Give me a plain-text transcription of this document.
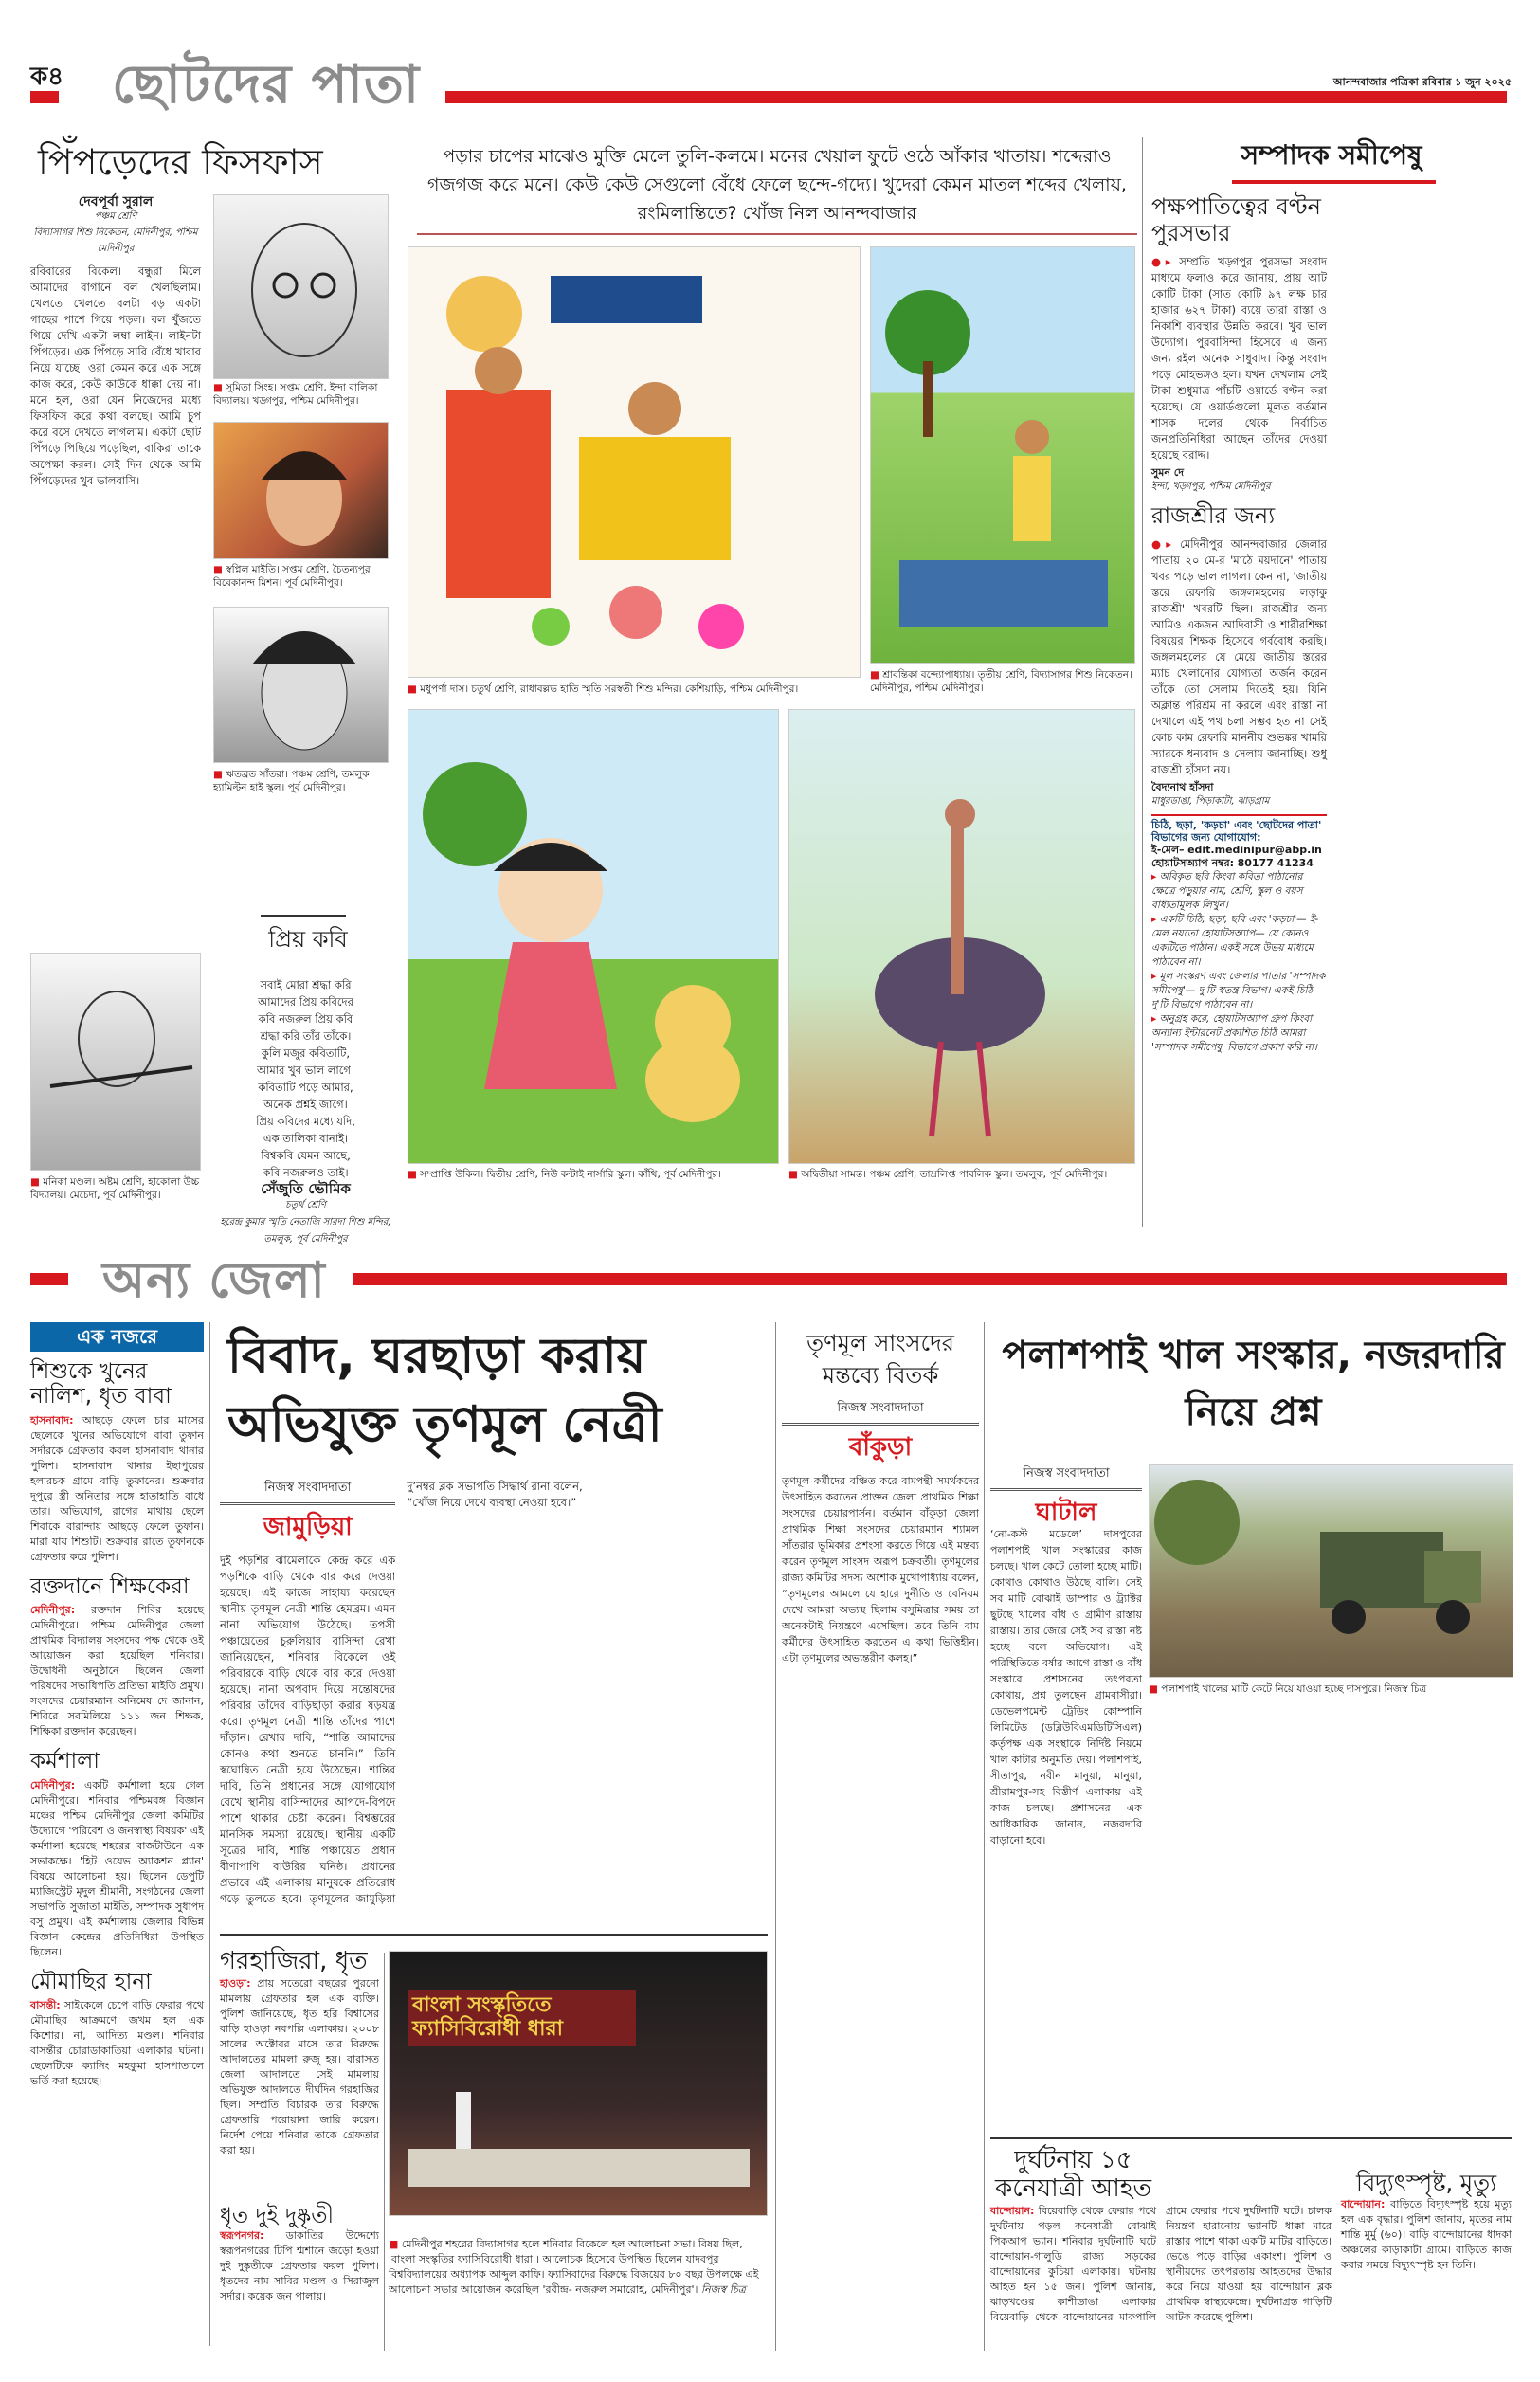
ক৪ ছোটদের পাতা	আনন্দবাজার পত্রিকা রবিবার ১ জুন ২০২৫
পিঁপড়েদের ফিসফাস
দেবপূর্বা সুরাল
পঞ্চম শ্রেণি
বিদ্যাসাগর শিশু নিকেতন, মেদিনীপুর, পশ্চিম মেদিনীপুর
রবিবারের বিকেল। বন্ধুরা মিলে আমাদের বাগানে বল খেলছিলাম। খেলতে খেলতে বলটা বড় একটা গাছের পাশে গিয়ে পড়ল। বল খুঁজতে গিয়ে দেখি একটা লম্বা লাইন। লাইনটা পিঁপড়ের। এক পিঁপড়ে সারি বেঁধে খাবার নিয়ে যাচ্ছে। ওরা কেমন করে এক সঙ্গে কাজ করে, কেউ কাউকে ধাক্কা দেয় না। মনে হল, ওরা যেন নিজেদের মধ্যে ফিসফিস করে কথা বলছে। আমি চুপ করে বসে দেখতে লাগলাম। একটা ছোট পিঁপড়ে পিছিয়ে পড়েছিল, বাকিরা তাকে অপেক্ষা করল। সেই দিন থেকে আমি পিঁপড়েদের খুব ভালবাসি।
■ সুমিতা সিংহ। সপ্তম শ্রেণি, ইন্দা বালিকা বিদ্যালয়। খড়্গপুর, পশ্চিম মেদিনীপুর।
■ স্বপ্নিল মাইতি। সপ্তম শ্রেণি, চৈতন্যপুর বিবেকানন্দ মিশন। পূর্ব মেদিনীপুর।
■ ঋতব্রত সাঁতরা। পঞ্চম শ্রেণি, তমলুক হ্যামিল্টন হাই স্কুল। পূর্ব মেদিনীপুর।
প্রিয় কবি
সবাই মোরা শ্রদ্ধা করি
আমাদের প্রিয় কবিদের
কবি নজরুল প্রিয় কবি
শ্রদ্ধা করি তাঁর তাঁকে।
কুলি মজুর কবিতাটি,
আমার খুব ভাল লাগে।
কবিতাটি পড়ে আমার,
অনেক প্রশ্নই জাগে।
প্রিয় কবিদের মধ্যে যদি,
এক তালিকা বানাই।
বিশ্বকবি যেমন আছে,
কবি নজরুলও তাই।
সেঁজুতি ভৌমিক
চতুর্থ শ্রেণি
হরেন্দ্র কুমার স্মৃতি নেতাজি সারদা শিশু মন্দির, তমলুক, পূর্ব মেদিনীপুর
■ মনিকা মণ্ডল। অষ্টম শ্রেণি, হাকোলা উচ্চ বিদ্যালয়। মেচেদা, পূর্ব মেদিনীপুর।
পড়ার চাপের মাঝেও মুক্তি মেলে তুলি-কলমে। মনের খেয়াল ফুটে ওঠে আঁকার খাতায়। শব্দেরাও গজগজ করে মনে। কেউ কেউ সেগুলো বেঁধে ফেলে ছন্দে-গদ্যে। খুদেরা কেমন মাতল শব্দের খেলায়, রংমিলান্তিতে? খোঁজ নিল আনন্দবাজার
■ মধুপর্ণা দাস। চতুর্থ শ্রেণি, রাধাবল্লভ হাতি স্মৃতি সরস্বতী শিশু মন্দির। কেশিয়াড়ি, পশ্চিম মেদিনীপুর।
■ শ্রাবন্তিকা বন্দ্যোপাধ্যায়। তৃতীয় শ্রেণি, বিদ্যাসাগর শিশু নিকেতন। মেদিনীপুর, পশ্চিম মেদিনীপুর।
■ সম্প্রাপ্তি উকিল। দ্বিতীয় শ্রেণি, নিউ কন্টাই নার্সারি স্কুল। কাঁথি, পূর্ব মেদিনীপুর।	■ অদ্বিতীয়া সামন্ত। পঞ্চম শ্রেণি, তাম্রলিপ্ত পাবলিক স্কুল। তমলুক, পূর্ব মেদিনীপুর।
সম্পাদক সমীপেষু
পক্ষপাতিত্বের বণ্টন পুরসভার
●▸ সম্প্রতি খড়্গপুর পুরসভা সংবাদ মাধ্যমে ফলাও করে জানায়, প্রায় আট কোটি টাকা (সাত কোটি ৯৭ লক্ষ চার হাজার ৬২৭ টাকা) ব্যয়ে তারা রাস্তা ও নিকাশি ব্যবস্থার উন্নতি করবে। খুব ভাল উদ্যোগ। পুরবাসিন্দা হিসেবে এ জন্য জন্য রইল অনেক সাধুবাদ। কিন্তু সংবাদ পড়ে মোহভঙ্গও হল। যখন দেখলাম সেই টাকা শুধুমাত্র পাঁচটি ওয়ার্ডে বণ্টন করা হয়েছে। যে ওয়ার্ডগুলো মূলত বর্তমান শাসক দলের থেকে নির্বাচিত জনপ্রতিনিধিরা আছেন তাঁদের দেওয়া হয়েছে বরাদ্দ।
সুমন দে
ইন্দা, খড়্গপুর, পশ্চিম মেদিনীপুর
রাজশ্রীর জন্য
●▸ মেদিনীপুর আনন্দবাজার জেলার পাতায় ২০ মে-র 'মাঠে ময়দানে' পাতায় খবর পড়ে ভাল লাগল। কেন না, 'জাতীয় স্তরে রেফারি জঙ্গলমহলের লড়াকু রাজশ্রী' খবরটি ছিল। রাজশ্রীর জন্য আমিও একজন আদিবাসী ও শারীরশিক্ষা বিষয়ের শিক্ষক হিসেবে গর্ববোধ করছি। জঙ্গলমহলের যে মেয়ে জাতীয় স্তরের ম্যাচ খেলানোর যোগ্যতা অর্জন করেন তাঁকে তো সেলাম দিতেই হয়। যিনি অক্লান্ত পরিশ্রম না করলে এবং রাস্তা না দেখালে এই পথ চলা সম্ভব হত না সেই কোচ কাম রেফারি মাননীয় শুভঙ্কর খামরি স্যারকে ধন্যবাদ ও সেলাম জানাচ্ছি। শুধু রাজশ্রী হাঁসদা নয়।
বৈদ্যনাথ হাঁসদা
মাধুরডাঙা, পিড়াকাটা, ঝাড়গ্রাম
চিঠি, ছড়া, 'কড়চা' এবং 'ছোটদের পাতা' বিভাগের জন্য যোগাযোগ:
ই-মেল– edit.medinipur@abp.in
হোয়াটসঅ্যাপ নম্বর: 80177 41234
▸ অবিকৃত ছবি কিংবা কবিতা পাঠানোর ক্ষেত্রে পড়ুয়ার নাম, শ্রেণি, স্কুল ও বয়স বাধ্যতামূলক লিখুন।
▸ একটি চিঠি, ছড়া, ছবি এবং 'কড়চা'— ই-মেল নয়তো হোয়াটসঅ্যাপ— যে কোনও একটিতে পাঠান। একই সঙ্গে উভয় মাধ্যমে পাঠাবেন না।
▸ মূল সংস্করণ এবং জেলার পাতার 'সম্পাদক সমীপেষু'— দু'টি স্বতন্ত্র বিভাগ। একই চিঠি দু'টি বিভাগে পাঠাবেন না।
▸ অনুগ্রহ করে, হোয়াটসঅ্যাপ গ্রুপ কিংবা অন্যান্য ইন্টারনেট প্রকাশিত চিঠি আমরা 'সম্পাদক সমীপেষু' বিভাগে প্রকাশ করি না।
অন্য জেলা
এক নজরে
শিশুকে খুনের নালিশ, ধৃত বাবা
হাসনাবাদ: আছড়ে ফেলে চার মাসের ছেলেকে খুনের অভিযোগে বাবা তুফান সর্দারকে গ্রেফতার করল হাসনাবাদ থানার পুলিশ। হাসনাবাদ থানার ইছাপুরের হলারচক গ্রামে বাড়ি তুফানের। শুক্রবার দুপুরে স্ত্রী অনিতার সঙ্গে হাতাহাতি বাধে তার। অভিযোগ, রাগের মাথায় ছেলে শিবাকে বারান্দায় আছড়ে ফেলে তুফান। মারা যায় শিশুটি। শুক্রবার রাতে তুফানকে গ্রেফতার করে পুলিশ।
রক্তদানে শিক্ষকেরা
মেদিনীপুর: রক্তদান শিবির হয়েছে মেদিনীপুরে। পশ্চিম মেদিনীপুর জেলা প্রাথমিক বিদ্যালয় সংসদের পক্ষ থেকে ওই আয়োজন করা হয়েছিল শনিবার। উদ্বোধনী অনুষ্ঠানে ছিলেন জেলা পরিষদের সভাধিপতি প্রতিভা মাইতি প্রমুখ। সংসদের চেয়ারম্যান অনিমেষ দে জানান, শিবিরে সবমিলিয়ে ১১১ জন শিক্ষক, শিক্ষিকা রক্তদান করেছেন।
কর্মশালা
মেদিনীপুর: একটি কর্মশালা হয়ে গেল মেদিনীপুরে। শনিবার পশ্চিমবঙ্গ বিজ্ঞান মঞ্চের পশ্চিম মেদিনীপুর জেলা কমিটির উদ্যোগে 'পরিবেশ ও জনস্বাস্থ্য বিষয়ক' এই কর্মশালা হয়েছে শহরের বার্জটাউনে এক সভাকক্ষে। 'হিট ওয়েভ অ্যাকশন প্ল্যান' বিষয়ে আলোচনা হয়। ছিলেন ডেপুটি ম্যাজিস্ট্রেট মৃদুল শ্রীমানী, সংগঠনের জেলা সভাপতি সুজাতা মাইতি, সম্পাদক সুধাপদ বসু প্রমুখ। এই কর্মশালায় জেলার বিভিন্ন বিজ্ঞান কেন্দ্রের প্রতিনিধিরা উপস্থিত ছিলেন।
মৌমাছির হানা
বাসন্তী: সাইকেলে চেপে বাড়ি ফেরার পথে মৌমাছির আক্রমণে জখম হল এক কিশোর। না, আদিত্য মণ্ডল। শনিবার বাসন্তীর চোরাডাকাতিয়া এলাকার ঘটনা। ছেলেটিকে ক্যানিং মহকুমা হাসপাতালে ভর্তি করা হয়েছে।
বিবাদ, ঘরছাড়া করায় অভিযুক্ত তৃণমূল নেত্রী
নিজস্ব সংবাদদাতা
জামুড়িয়া
দুই পড়শির ঝামেলাকে কেন্দ্র করে এক পড়শিকে বাড়ি থেকে বার করে দেওয়া হয়েছে। এই কাজে সাহায্য করেছেন স্থানীয় তৃণমূল নেত্রী শান্তি হেমব্রম। এমন নানা অভিযোগ উঠেছে। তপসী পঞ্চায়েতের চুরুলিয়ার বাসিন্দা রেখা জানিয়েছেন, শনিবার বিকেলে ওই পরিবারকে বাড়ি থেকে বার করে দেওয়া হয়েছে। নানা অপবাদ দিয়ে সন্তোষদের পরিবার তাঁদের বাড়িছাড়া করার ষড়যন্ত্র করে। তৃণমূল নেত্রী শান্তি তাঁদের পাশে দাঁড়ান। রেখার দাবি, “শান্তি আমাদের কোনও কথা শুনতে চাননি।” তিনি স্বঘোষিত নেত্রী হয়ে উঠেছেন। শান্তির দাবি, তিনি প্রধানের সঙ্গে যোগাযোগ রেখে স্থানীয় বাসিন্দাদের আপদে-বিপদে পাশে থাকার চেষ্টা করেন। বিশ্বম্ভরের মানসিক সমস্যা রয়েছে। স্থানীয় একটি সূত্রের দাবি, শান্তি পঞ্চায়েত প্রধান বীণাপাণি বাউরির ঘনিষ্ঠ। প্রধানের প্রভাবে এই এলাকায় মানুষকে প্রতিরোধ গড়ে তুলতে হবে। তৃণমূলের জামুড়িয়া দু’নম্বর ব্লক সভাপতি সিদ্ধার্থ রানা বলেন, “খোঁজ নিয়ে দেখে ব্যবস্থা নেওয়া হবে।”
গরহাজিরা, ধৃত
হাওড়া: প্রায় সতেরো বছরের পুরনো মামলায় গ্রেফতার হল এক ব্যক্তি। পুলিশ জানিয়েছে, ধৃত হরি বিশ্বাসের বাড়ি হাওড়া নবপল্লি এলাকায়। ২০০৮ সালের অক্টোবর মাসে তার বিরুদ্ধে আদালতের মামলা রুজু হয়। বারাসত জেলা আদালতে সেই মামলায় অভিযুক্ত আদালতে দীর্ঘদিন গরহাজির ছিল। সম্প্রতি বিচারক তার বিরুদ্ধে গ্রেফতারি পরোয়ানা জারি করেন। নির্দেশ পেয়ে শনিবার তাকে গ্রেফতার করা হয়।
ধৃত দুই দুষ্কৃতী
স্বরূপনগর: ডাকাতির উদ্দেশ্যে স্বরূপনগরের টিপি শ্মশানে জড়ো হওয়া দুই দুষ্কৃতীকে গ্রেফতার করল পুলিশ। ধৃতদের নাম সাবির মণ্ডল ও সিরাজুল সর্দার। কয়েক জন পালায়।
বাংলা সংস্কৃতিতে ফ্যাসিবিরোধী ধারা
■ মেদিনীপুর শহরের বিদ্যাসাগর হলে শনিবার বিকেলে হল আলোচনা সভা। বিষয় ছিল, 'বাংলা সংস্কৃতির ফ্যাসিবিরোধী ধারা'। আলোচক হিসেবে উপস্থিত ছিলেন যাদবপুর বিশ্ববিদ্যালয়ের অধ্যাপক আব্দুল কাফি। ফ্যাসিবাদের বিরুদ্ধে বিজয়ের ৮০ বছর উপলক্ষে এই আলোচনা সভার আয়োজন করেছিল 'রবীন্দ্র- নজরুল সমারোহ, মেদিনীপুর'। নিজস্ব চিত্র
তৃণমূল সাংসদের মন্তব্যে বিতর্ক
নিজস্ব সংবাদদাতা
বাঁকুড়া
তৃণমূল কর্মীদের বঞ্চিত করে বামপন্থী সমর্থকদের উৎসাহিত করতেন প্রাক্তন জেলা প্রাথমিক শিক্ষা সংসদের চেয়ারপার্সন। বর্তমান বাঁকুড়া জেলা প্রাথমিক শিক্ষা সংসদের চেয়ারম্যান শ্যামল সাঁতরার ভূমিকার প্রশংসা করতে গিয়ে এই মন্তব্য করেন তৃণমূল সাংসদ অরূপ চক্রবর্তী। তৃণমূলের রাজ্য কমিটির সদস্য অশোক মুখোপাধ্যায় বলেন, “তৃণমূলের আমলে যে হারে দুর্নীতি ও বেনিয়ম দেখে আমরা অভ্যস্থ ছিলাম বসুমিত্রার সময় তা অনেকটাই নিয়ন্ত্রণে এসেছিল। তবে তিনি বাম কর্মীদের উৎসাহিত করতেন এ কথা ভিত্তিহীন। এটা তৃণমূলের অভ্যন্তরীণ কলহ।”
পলাশপাই খাল সংস্কার, নজরদারি নিয়ে প্রশ্ন
■ পলাশপাই খালের মাটি কেটে নিয়ে যাওয়া হচ্ছে দাসপুরে। নিজস্ব চিত্র
নিজস্ব সংবাদদাতা
ঘাটাল
‘নো-কস্ট মডেলে’ দাসপুরের পলাশপাই খাল সংস্কারের কাজ চলছে। খাল কেটে তোলা হচ্ছে মাটি। কোথাও কোথাও উঠছে বালি। সেই সব মাটি বোঝাই ডাম্পার ও ট্র্যাক্টর ছুটছে খালের বাঁধ ও গ্রামীণ রাস্তায় রাস্তায়। তার জেরে সেই সব রাস্তা নষ্ট হচ্ছে বলে অভিযোগ। এই পরিস্থিতিতে বর্ষার আগে রাস্তা ও বাঁধ সংস্কারে প্রশাসনের তৎপরতা কোথায়, প্রশ্ন তুলছেন গ্রামবাসীরা। ডেভেলপমেন্ট ট্রেডিং কোম্পানি লিমিটেড (ডব্লিউবিএমডিটিসিএল) কর্তৃপক্ষ এক সংস্থাকে নির্দিষ্ট নিয়মে খাল কাটার অনুমতি দেয়। পলাশপাই, সীতাপুর, নবীন মানুয়া, মানুয়া, শ্রীরামপুর-সহ বিস্তীর্ণ এলাকায় এই কাজ চলছে। প্রশাসনের এক আধিকারিক জানান, নজরদারি বাড়ানো হবে।
দুর্ঘটনায় ১৫ কনেযাত্রী আহত
বান্দোয়ান: বিয়েবাড়ি থেকে ফেরার পথে দুর্ঘটনায় পড়ল কনেযাত্রী বোঝাই পিকআপ ভ্যান। শনিবার দুর্ঘটনাটি ঘটে বান্দোয়ান-গালুডি রাজ্য সড়কের বান্দোয়ানের কুচিয়া এলাকায়। ঘটনায় আহত হন ১৫ জন। পুলিশ জানায়, ঝাড়খণ্ডের কাশীডাঙা এলাকার বিয়েবাড়ি থেকে বান্দোয়ানের মাকপালি গ্রামে ফেরার পথে দুর্ঘটনাটি ঘটে। চালক নিয়ন্ত্রণ হারানোয় ভ্যানটি ধাক্কা মারে রাস্তার পাশে থাকা একটি মাটির বাড়িতে। ভেঙে পড়ে বাড়ির একাংশ। পুলিশ ও স্থানীয়দের তৎপরতায় আহতদের উদ্ধার করে নিয়ে যাওয়া হয় বান্দোয়ান ব্লক প্রাথমিক স্বাস্থ্যকেন্দ্রে। দুর্ঘটনাগ্রস্ত গাড়িটি আটক করেছে পুলিশ।
বিদ্যুৎস্পৃষ্ট, মৃত্যু
বান্দোয়ান: বাড়িতে বিদ্যুৎস্পৃষ্ট হয়ে মৃত্যু হল এক বৃদ্ধার। পুলিশ জানায়, মৃতের নাম শান্তি মুর্মু (৬০)। বাড়ি বান্দোয়ানের ধাদকা অঞ্চলের কাড়াকাটা গ্রামে। বাড়িতে কাজ করার সময়ে বিদ্যুৎস্পৃষ্ট হন তিনি।
